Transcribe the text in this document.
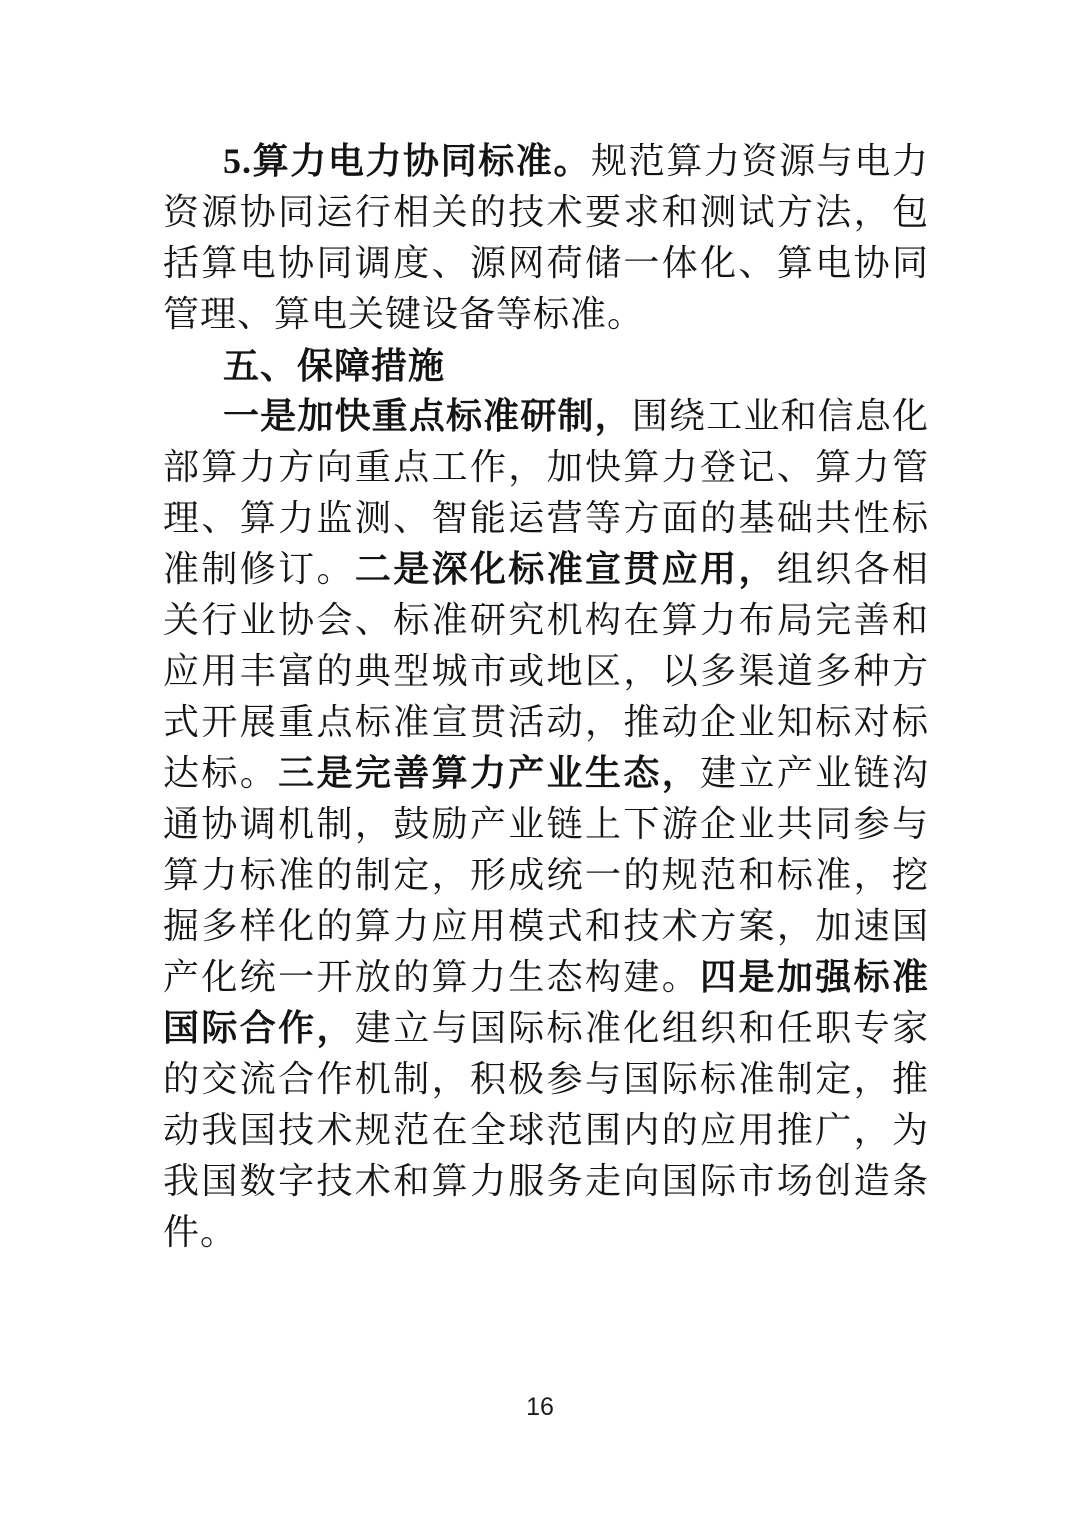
5.算力电力协同标准。规范算力资源与电力资源协同运行相关的技术要求和测试方法，包括算电协同调度、源网荷储一体化、算电协同管理、算电关键设备等标准。

五、保障措施

一是加快重点标准研制，围绕工业和信息化部算力方向重点工作，加快算力登记、算力管理、算力监测、智能运营等方面的基础共性标准制修订。二是深化标准宣贯应用，组织各相关行业协会、标准研究机构在算力布局完善和应用丰富的典型城市或地区，以多渠道多种方式开展重点标准宣贯活动，推动企业知标对标达标。三是完善算力产业生态，建立产业链沟通协调机制，鼓励产业链上下游企业共同参与算力标准的制定，形成统一的规范和标准，挖掘多样化的算力应用模式和技术方案，加速国产化统一开放的算力生态构建。四是加强标准国际合作，建立与国际标准化组织和任职专家的交流合作机制，积极参与国际标准制定，推动我国技术规范在全球范围内的应用推广，为我国数字技术和算力服务走向国际市场创造条件。

16
